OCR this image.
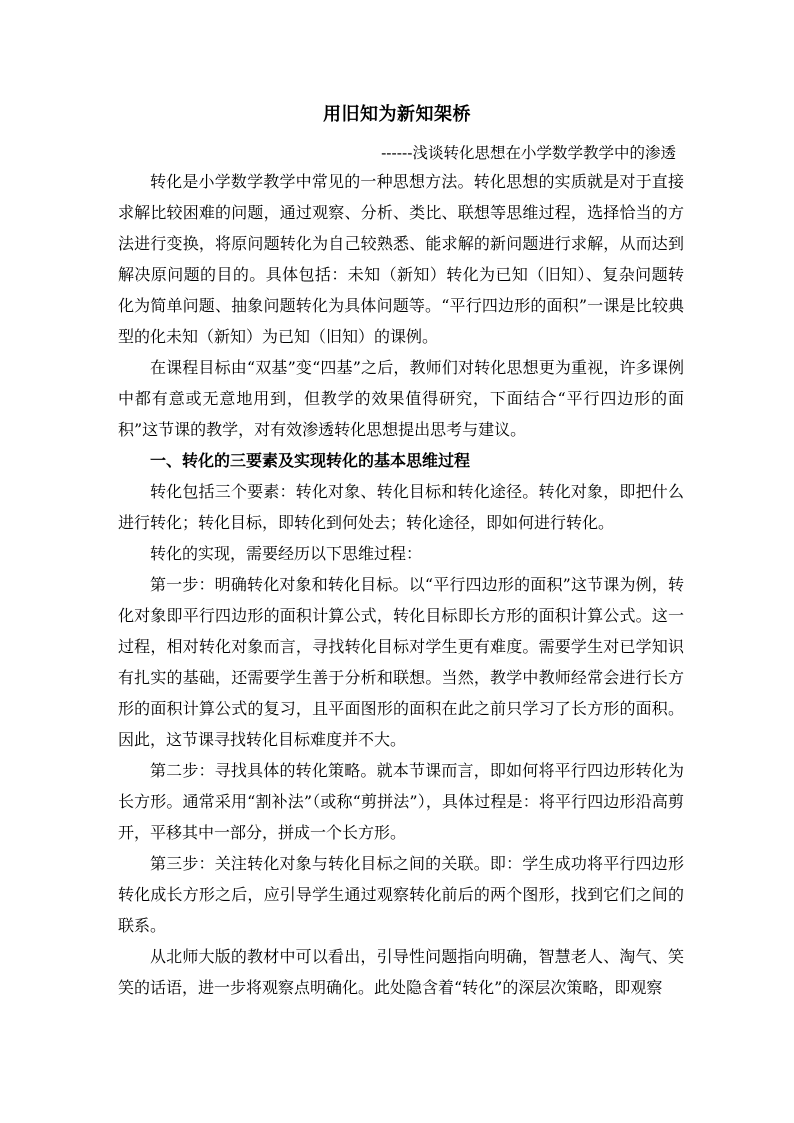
用旧知为新知架桥
------浅谈转化思想在小学数学教学中的渗透

转化是小学数学教学中常见的一种思想方法。转化思想的实质就是对于直接求解比较困难的问题，通过观察、分析、类比、联想等思维过程，选择恰当的方法进行变换，将原问题转化为自己较熟悉、能求解的新问题进行求解，从而达到解决原问题的目的。具体包括：未知（新知）转化为已知（旧知）、复杂问题转化为简单问题、抽象问题转化为具体问题等。“平行四边形的面积”一课是比较典型的化未知（新知）为已知（旧知）的课例。

在课程目标由“双基”变“四基”之后，教师们对转化思想更为重视，许多课例中都有意或无意地用到，但教学的效果值得研究，下面结合“平行四边形的面积”这节课的教学，对有效渗透转化思想提出思考与建议。

一、转化的三要素及实现转化的基本思维过程

转化包括三个要素：转化对象、转化目标和转化途径。转化对象，即把什么进行转化；转化目标，即转化到何处去；转化途径，即如何进行转化。

转化的实现，需要经历以下思维过程：

第一步：明确转化对象和转化目标。以“平行四边形的面积”这节课为例，转化对象即平行四边形的面积计算公式，转化目标即长方形的面积计算公式。这一过程，相对转化对象而言，寻找转化目标对学生更有难度。需要学生对已学知识有扎实的基础，还需要学生善于分析和联想。当然，教学中教师经常会进行长方形的面积计算公式的复习，且平面图形的面积在此之前只学习了长方形的面积。因此，这节课寻找转化目标难度并不大。

第二步：寻找具体的转化策略。就本节课而言，即如何将平行四边形转化为长方形。通常采用“割补法”（或称“剪拼法”），具体过程是：将平行四边形沿高剪开，平移其中一部分，拼成一个长方形。

第三步：关注转化对象与转化目标之间的关联。即：学生成功将平行四边形转化成长方形之后，应引导学生通过观察转化前后的两个图形，找到它们之间的联系。

从北师大版的教材中可以看出，引导性问题指向明确，智慧老人、淘气、笑笑的话语，进一步将观察点明确化。此处隐含着“转化”的深层次策略，即观察
